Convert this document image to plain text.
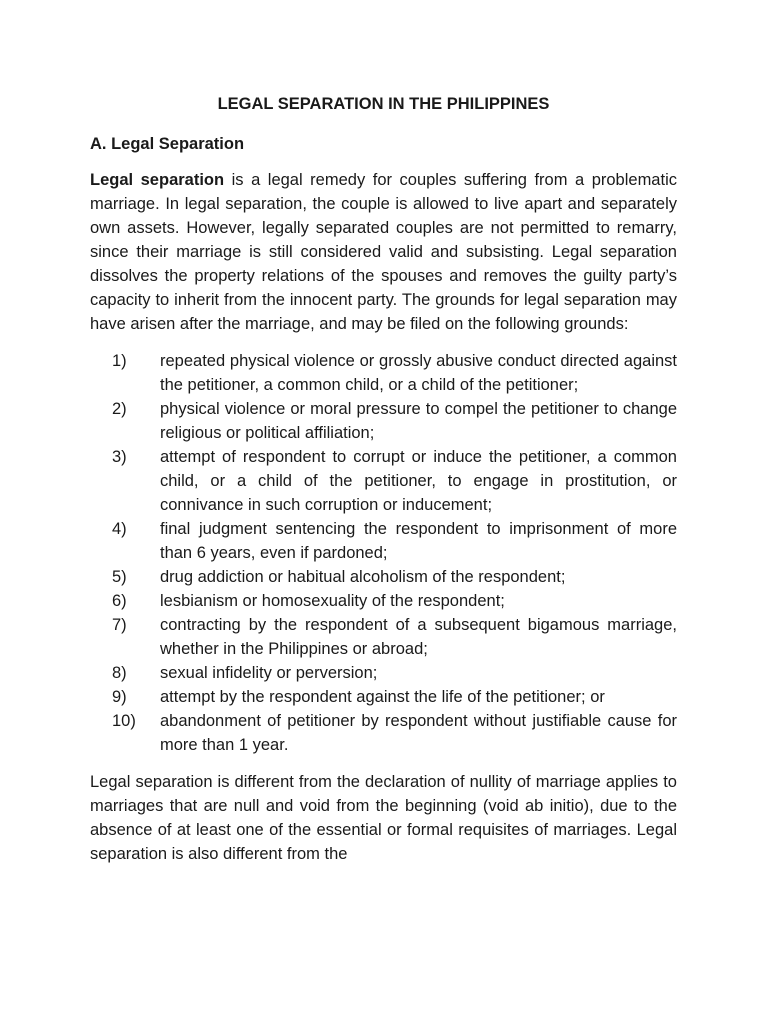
LEGAL SEPARATION IN THE PHILIPPINES
A. Legal Separation

Legal separation is a legal remedy for couples suffering from a problematic marriage. In legal separation, the couple is allowed to live apart and separately own assets. However, legally separated couples are not permitted to remarry, since their marriage is still considered valid and subsisting. Legal separation dissolves the property relations of the spouses and removes the guilty party’s capacity to inherit from the innocent party. The grounds for legal separation may have arisen after the marriage, and may be filed on the following grounds:

1)	repeated physical violence or grossly abusive conduct directed against the petitioner, a common child, or a child of the petitioner;
2)	physical violence or moral pressure to compel the petitioner to change religious or political affiliation;
3)	attempt of respondent to corrupt or induce the petitioner, a common child, or a child of the petitioner, to engage in prostitution, or connivance in such corruption or inducement;
4)	final judgment sentencing the respondent to imprisonment of more than 6 years, even if pardoned;
5)	drug addiction or habitual alcoholism of the respondent;
6)	lesbianism or homosexuality of the respondent;
7)	contracting by the respondent of a subsequent bigamous marriage, whether in the Philippines or abroad;
8)	sexual infidelity or perversion;
9)	attempt by the respondent against the life of the petitioner; or
10)	abandonment of petitioner by respondent without justifiable cause for more than 1 year.

Legal separation is different from the declaration of nullity of marriage applies to marriages that are null and void from the beginning (void ab initio), due to the absence of at least one of the essential or formal requisites of marriages. Legal separation is also different from the
